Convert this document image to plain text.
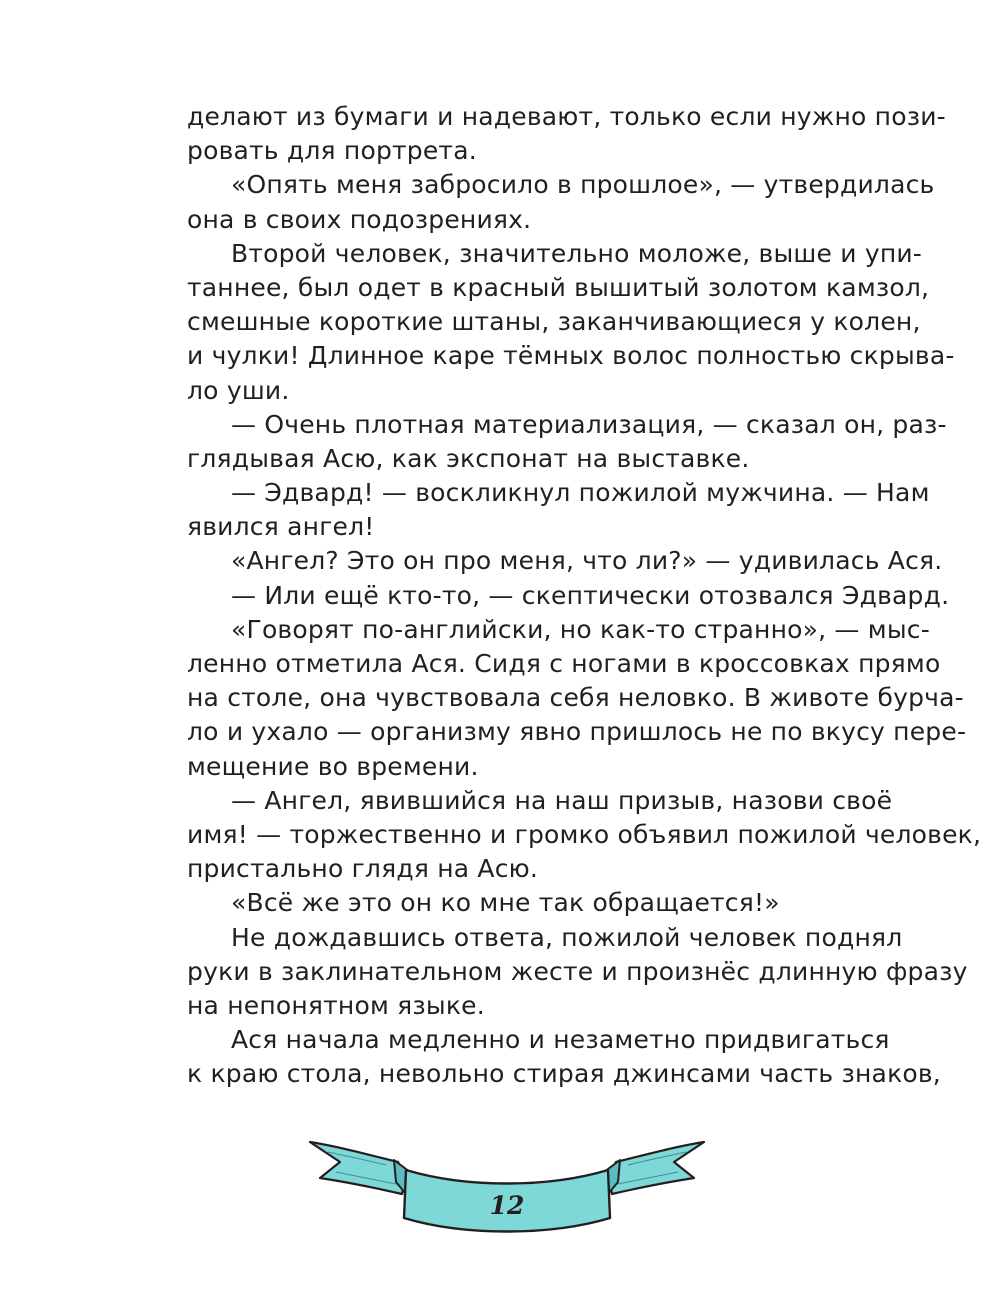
делают из бумаги и надевают, только если нужно пози-
ровать для портрета.
«Опять меня забросило в прошлое», — утвердилась
она в своих подозрениях.
Второй человек, значительно моложе, выше и упи-
таннее, был одет в красный вышитый золотом камзол,
смешные короткие штаны, заканчивающиеся у колен,
и чулки! Длинное каре тёмных волос полностью скрыва-
ло уши.
— Очень плотная материализация, — сказал он, раз-
глядывая Асю, как экспонат на выставке.
— Эдвард! — воскликнул пожилой мужчина. — Нам
явился ангел!
«Ангел? Это он про меня, что ли?» — удивилась Ася.
— Или ещё кто-то, — скептически отозвался Эдвард.
«Говорят по-английски, но как-то странно», — мыс-
ленно отметила Ася. Сидя с ногами в кроссовках прямо
на столе, она чувствовала себя неловко. В животе бурча-
ло и ухало — организму явно пришлось не по вкусу пере-
мещение во времени.
— Ангел, явившийся на наш призыв, назови своё
имя! — торжественно и громко объявил пожилой человек,
пристально глядя на Асю.
«Всё же это он ко мне так обращается!»
Не дождавшись ответа, пожилой человек поднял
руки в заклинательном жесте и произнёс длинную фразу
на непонятном языке.
Ася начала медленно и незаметно придвигаться
к краю стола, невольно стирая джинсами часть знаков,
12
